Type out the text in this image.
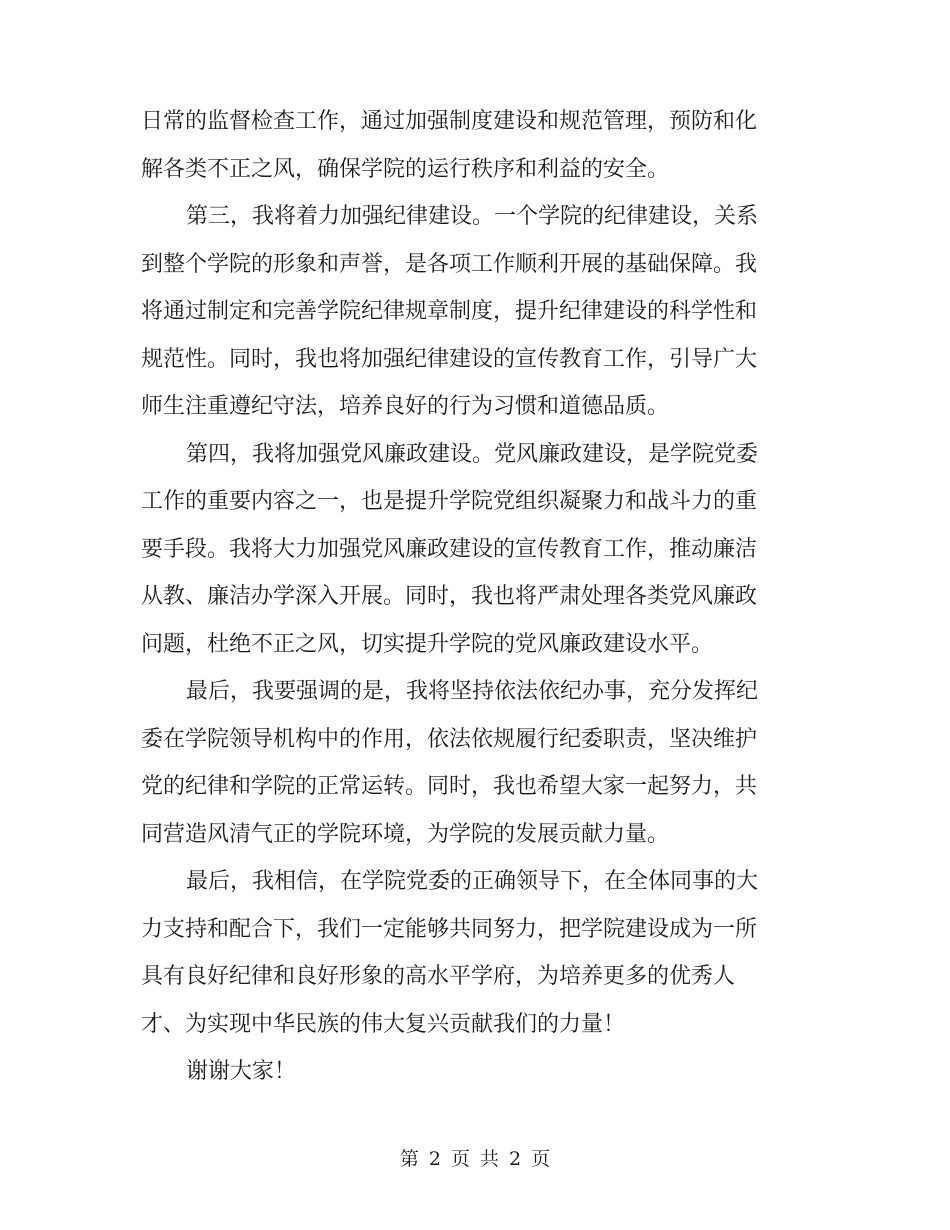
日常的监督检查工作，通过加强制度建设和规范管理，预防和化
解各类不正之风，确保学院的运行秩序和利益的安全。
第三，我将着力加强纪律建设。一个学院的纪律建设，关系
到整个学院的形象和声誉，是各项工作顺利开展的基础保障。我
将通过制定和完善学院纪律规章制度，提升纪律建设的科学性和
规范性。同时，我也将加强纪律建设的宣传教育工作，引导广大
师生注重遵纪守法，培养良好的行为习惯和道德品质。
第四，我将加强党风廉政建设。党风廉政建设，是学院党委
工作的重要内容之一，也是提升学院党组织凝聚力和战斗力的重
要手段。我将大力加强党风廉政建设的宣传教育工作，推动廉洁
从教、廉洁办学深入开展。同时，我也将严肃处理各类党风廉政
问题，杜绝不正之风，切实提升学院的党风廉政建设水平。
最后，我要强调的是，我将坚持依法依纪办事，充分发挥纪
委在学院领导机构中的作用，依法依规履行纪委职责，坚决维护
党的纪律和学院的正常运转。同时，我也希望大家一起努力，共
同营造风清气正的学院环境，为学院的发展贡献力量。
最后，我相信，在学院党委的正确领导下，在全体同事的大
力支持和配合下，我们一定能够共同努力，把学院建设成为一所
具有良好纪律和良好形象的高水平学府，为培养更多的优秀人
才、为实现中华民族的伟大复兴贡献我们的力量！
谢谢大家！
第 2 页 共 2 页
